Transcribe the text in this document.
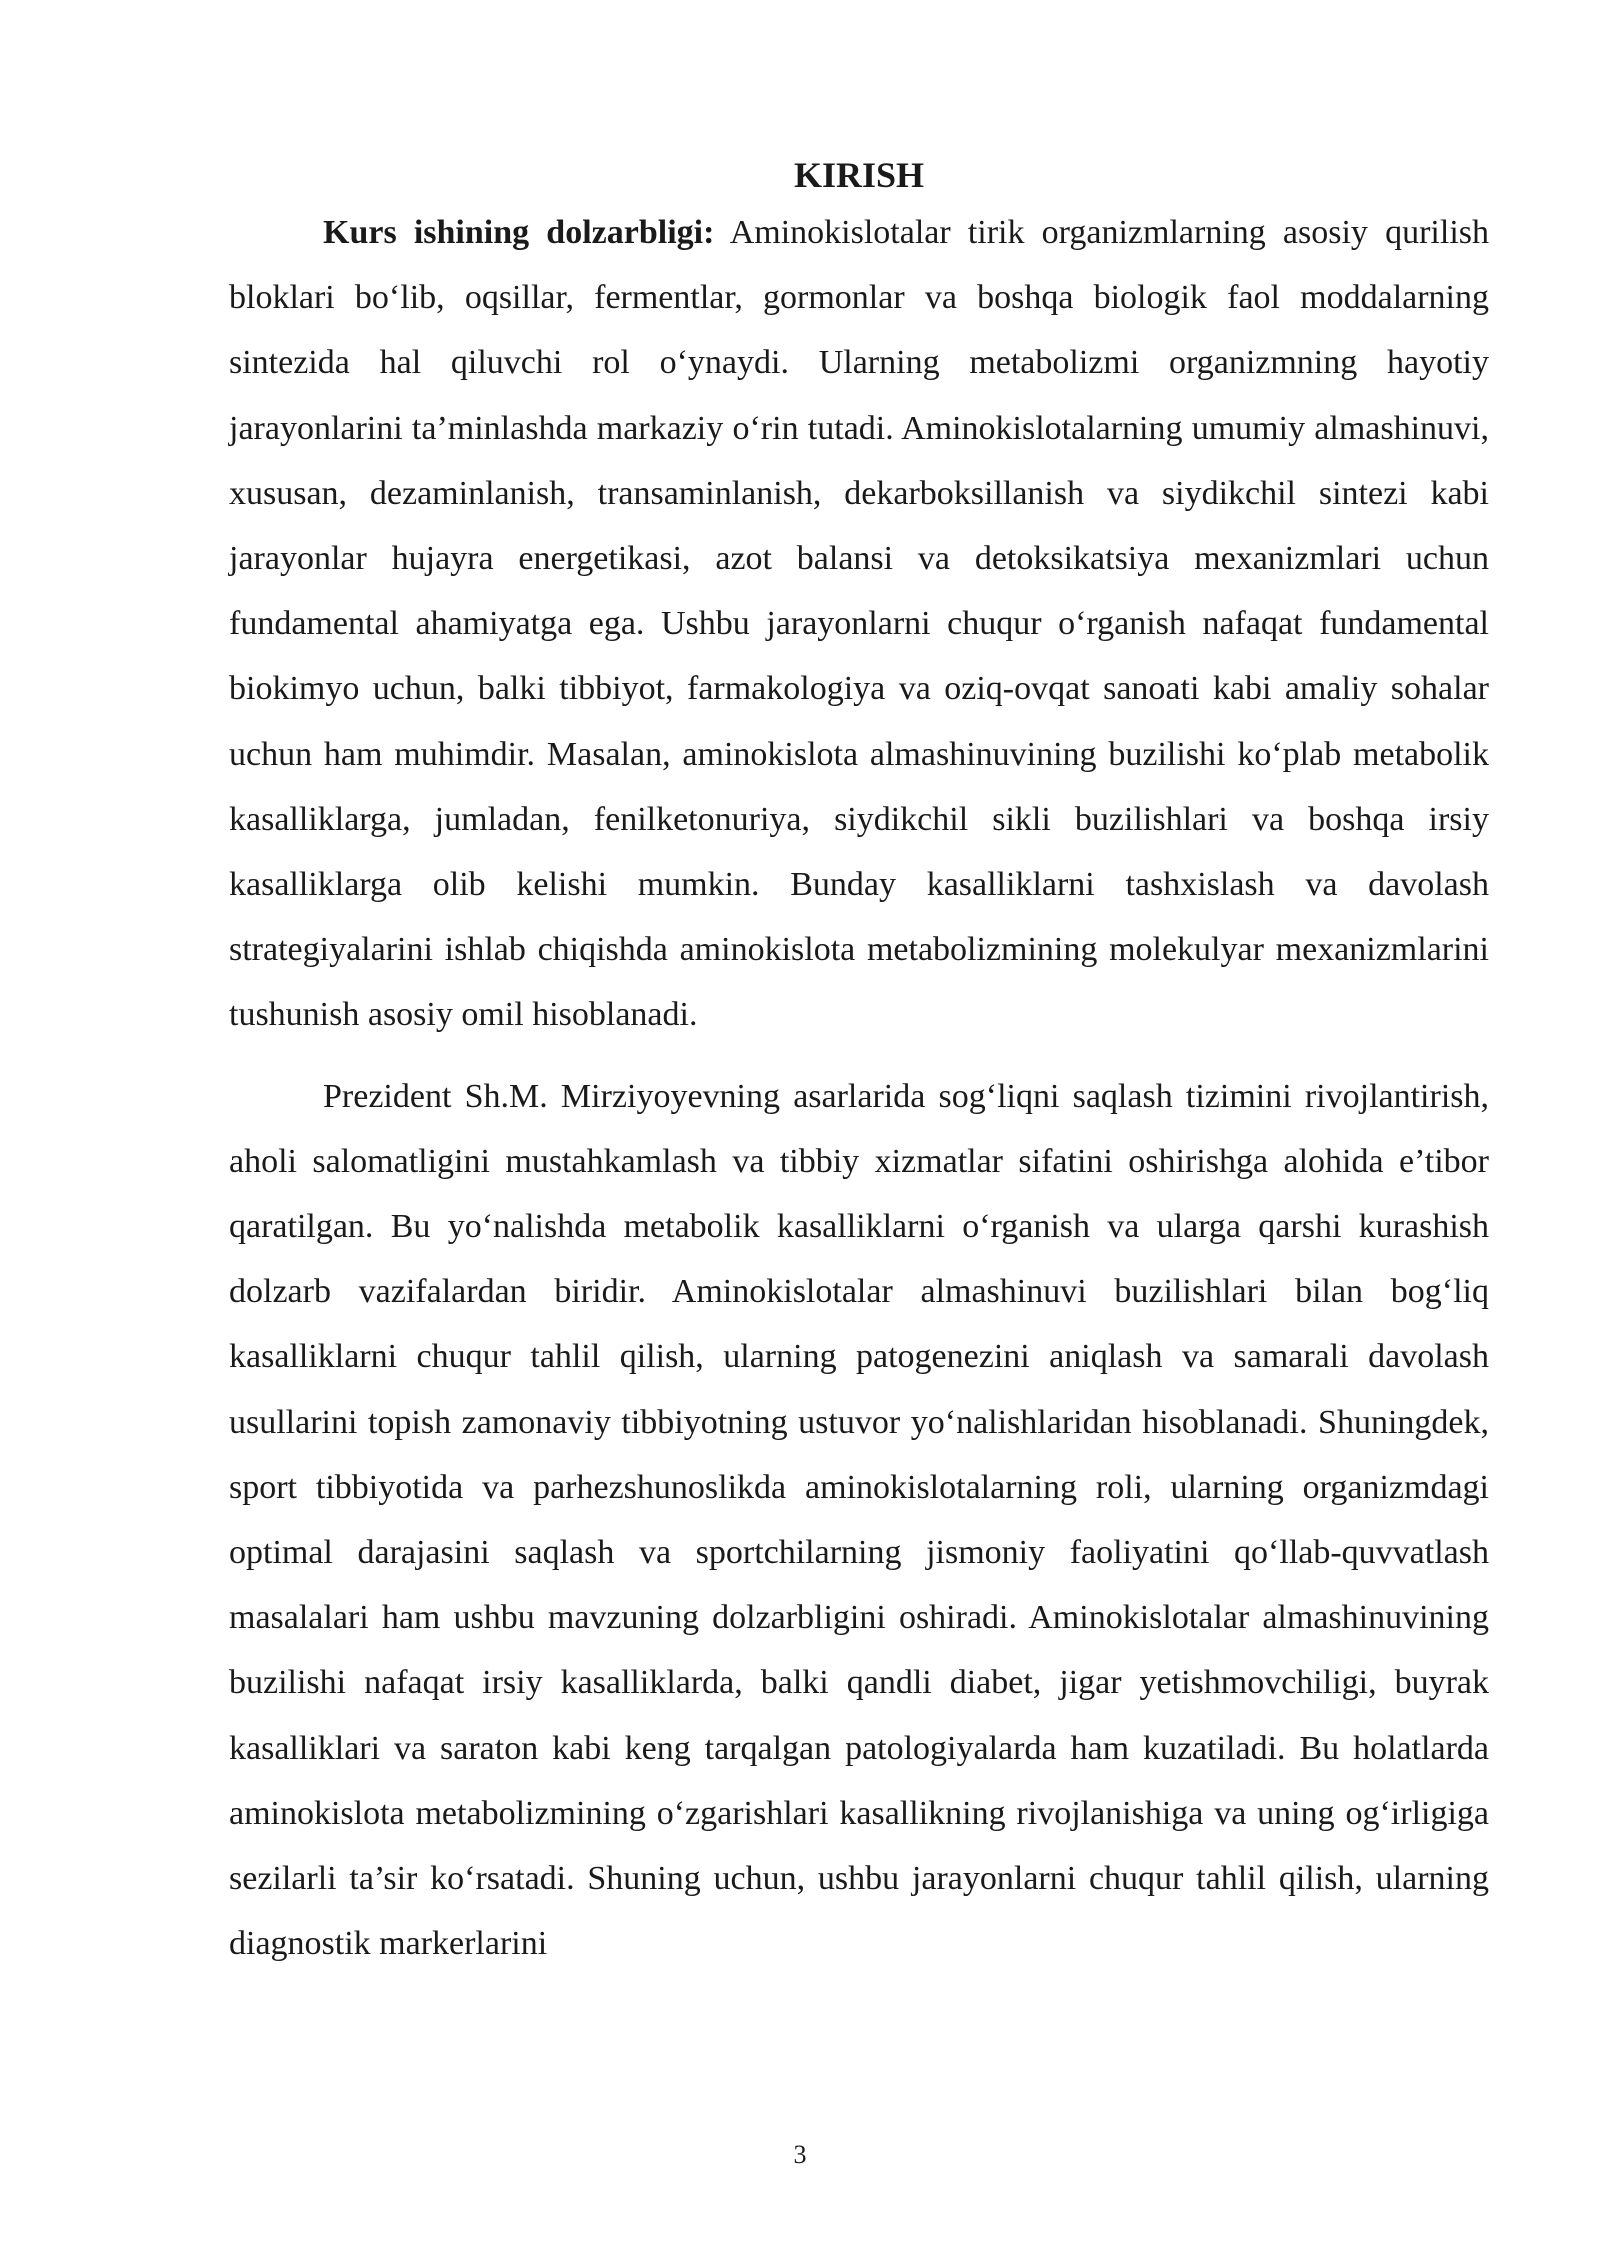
KIRISH

Kurs ishining dolzarbligi: Aminokislotalar tirik organizmlarning asosiy qurilish bloklari bo‘lib, oqsillar, fermentlar, gormonlar va boshqa biologik faol moddalarning sintezida hal qiluvchi rol o‘ynaydi. Ularning metabolizmi organizmning hayotiy jarayonlarini ta’minlashda markaziy o‘rin tutadi. Aminokislotalarning umumiy almashinuvi, xususan, dezaminlanish, transaminlanish, dekarboksillanish va siydikchil sintezi kabi jarayonlar hujayra energetikasi, azot balansi va detoksikatsiya mexanizmlari uchun fundamental ahamiyatga ega. Ushbu jarayonlarni chuqur o‘rganish nafaqat fundamental biokimyo uchun, balki tibbiyot, farmakologiya va oziq-ovqat sanoati kabi amaliy sohalar uchun ham muhimdir. Masalan, aminokislota almashinuvining buzilishi ko‘plab metabolik kasalliklarga, jumladan, fenilketonuriya, siydikchil sikli buzilishlari va boshqa irsiy kasalliklarga olib kelishi mumkin. Bunday kasalliklarni tashxislash va davolash strategiyalarini ishlab chiqishda aminokislota metabolizmining molekulyar mexanizmlarini tushunish asosiy omil hisoblanadi.

Prezident Sh.M. Mirziyoyevning asarlarida sog‘liqni saqlash tizimini rivojlantirish, aholi salomatligini mustahkamlash va tibbiy xizmatlar sifatini oshirishga alohida e’tibor qaratilgan. Bu yo‘nalishda metabolik kasalliklarni o‘rganish va ularga qarshi kurashish dolzarb vazifalardan biridir. Aminokislotalar almashinuvi buzilishlari bilan bog‘liq kasalliklarni chuqur tahlil qilish, ularning patogenezini aniqlash va samarali davolash usullarini topish zamonaviy tibbiyotning ustuvor yo‘nalishlaridan hisoblanadi. Shuningdek, sport tibbiyotida va parhezshunoslikda aminokislotalarning roli, ularning organizmdagi optimal darajasini saqlash va sportchilarning jismoniy faoliyatini qo‘llab-quvvatlash masalalari ham ushbu mavzuning dolzarbligini oshiradi. Aminokislotalar almashinuvining buzilishi nafaqat irsiy kasalliklarda, balki qandli diabet, jigar yetishmovchiligi, buyrak kasalliklari va saraton kabi keng tarqalgan patologiyalarda ham kuzatiladi. Bu holatlarda aminokislota metabolizmining o‘zgarishlari kasallikning rivojlanishiga va uning og‘irligiga sezilarli ta’sir ko‘rsatadi. Shuning uchun, ushbu jarayonlarni chuqur tahlil qilish, ularning diagnostik markerlarini

3
